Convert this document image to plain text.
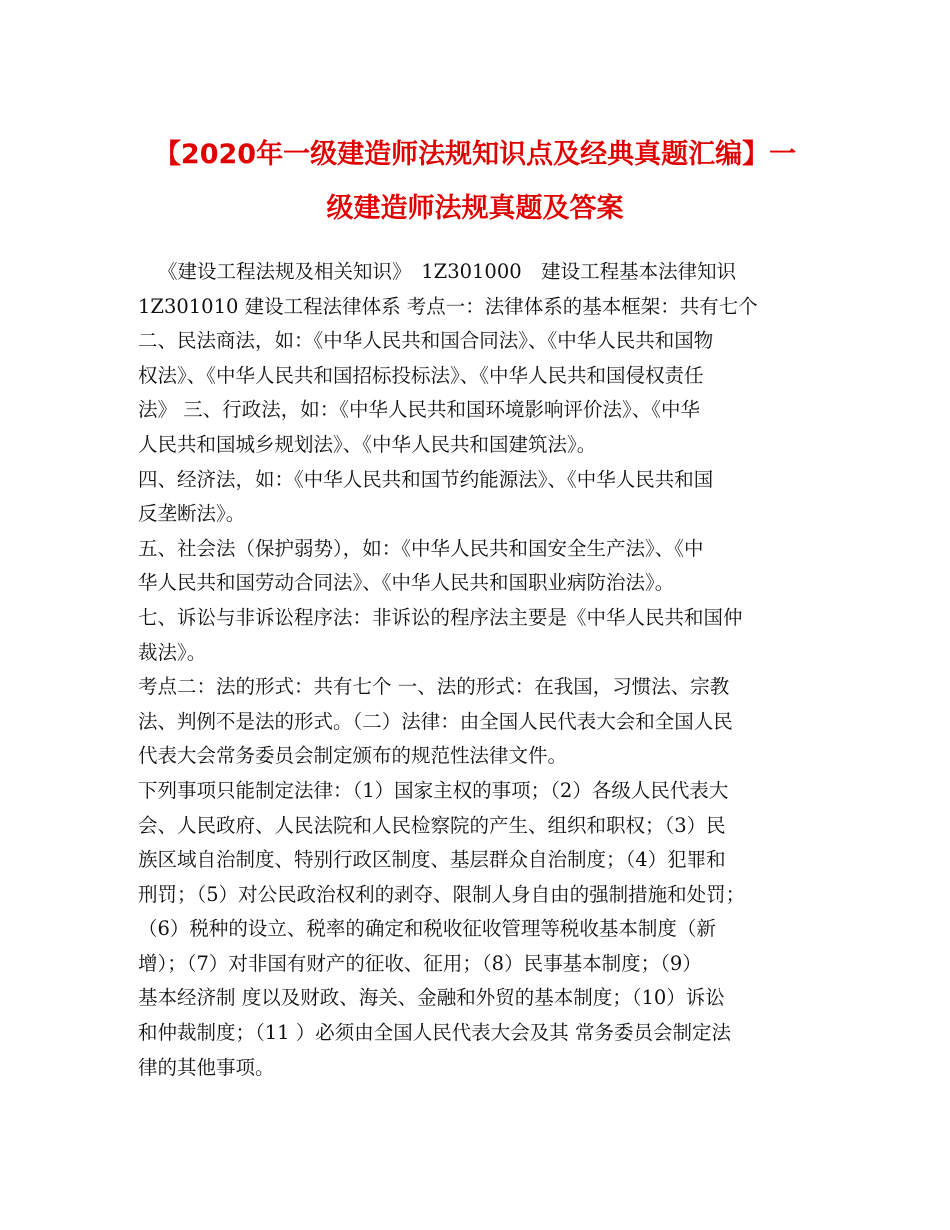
【2020年一级建造师法规知识点及经典真题汇编】一
级建造师法规真题及答案
《建设工程法规及相关知识》　1Z301000　建设工程基本法律知识
1Z301010 建设工程法律体系 考点一：法律体系的基本框架：共有七个
二、民法商法，如：《中华人民共和国合同法》、《中华人民共和国物
权法》、《中华人民共和国招标投标法》、《中华人民共和国侵权责任
法》 三、行政法，如：《中华人民共和国环境影响评价法》、《中华
人民共和国城乡规划法》、《中华人民共和国建筑法》。
四、经济法，如：《中华人民共和国节约能源法》、《中华人民共和国
反垄断法》。
五、社会法（保护弱势），如：《中华人民共和国安全生产法》、《中
华人民共和国劳动合同法》、《中华人民共和国职业病防治法》。
七、诉讼与非诉讼程序法：非诉讼的程序法主要是《中华人民共和国仲
裁法》。
考点二：法的形式：共有七个 一、法的形式：在我国，习惯法、宗教
法、判例不是法的形式。（二）法律：由全国人民代表大会和全国人民
代表大会常务委员会制定颁布的规范性法律文件。
下列事项只能制定法律：（1）国家主权的事项；（2）各级人民代表大
会、人民政府、人民法院和人民检察院的产生、组织和职权；（3）民
族区域自治制度、特别行政区制度、基层群众自治制度；（4）犯罪和
刑罚；（5）对公民政治权利的剥夺、限制人身自由的强制措施和处罚；
（6）税种的设立、税率的确定和税收征收管理等税收基本制度（新
增）；（7）对非国有财产的征收、征用；（8）民事基本制度；（9）
基本经济制 度以及财政、海关、金融和外贸的基本制度；（10）诉讼
和仲裁制度；（11 ）必须由全国人民代表大会及其 常务委员会制定法
律的其他事项。
